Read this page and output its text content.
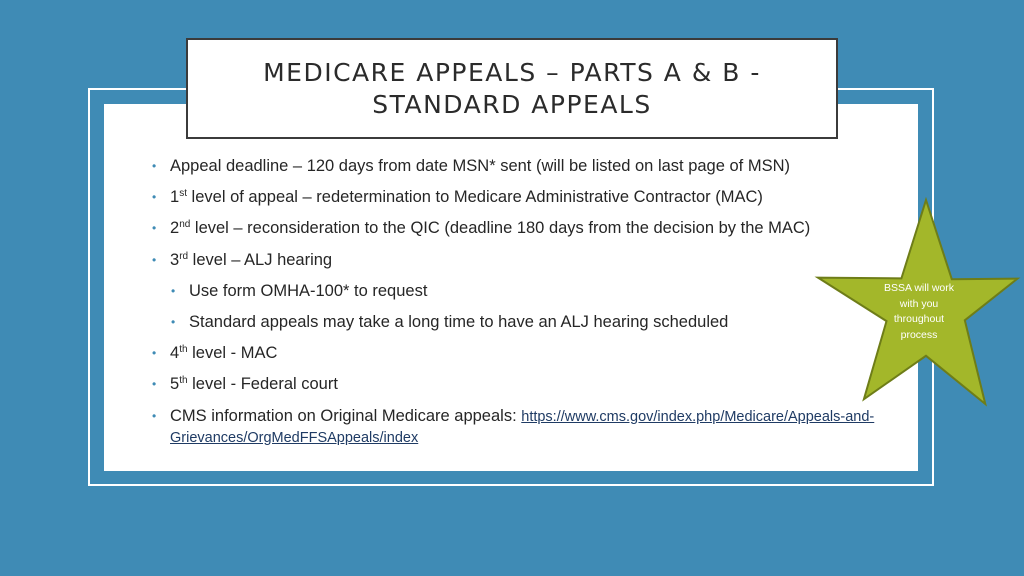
MEDICARE APPEALS – PARTS A & B -
STANDARD APPEALS
• Appeal deadline – 120 days from date MSN* sent (will be listed on last page of MSN)
• 1st level of appeal – redetermination to Medicare Administrative Contractor (MAC)
• 2nd level – reconsideration to the QIC (deadline 180 days from the decision by the MAC)
• 3rd level – ALJ hearing
• Use form OMHA-100* to request
• Standard appeals may take a long time to have an ALJ hearing scheduled
• 4th level - MAC
• 5th level - Federal court
• CMS information on Original Medicare appeals: https://www.cms.gov/index.php/Medicare/Appeals-and-Grievances/OrgMedFFSAppeals/index
BSSA will work with you throughout process
